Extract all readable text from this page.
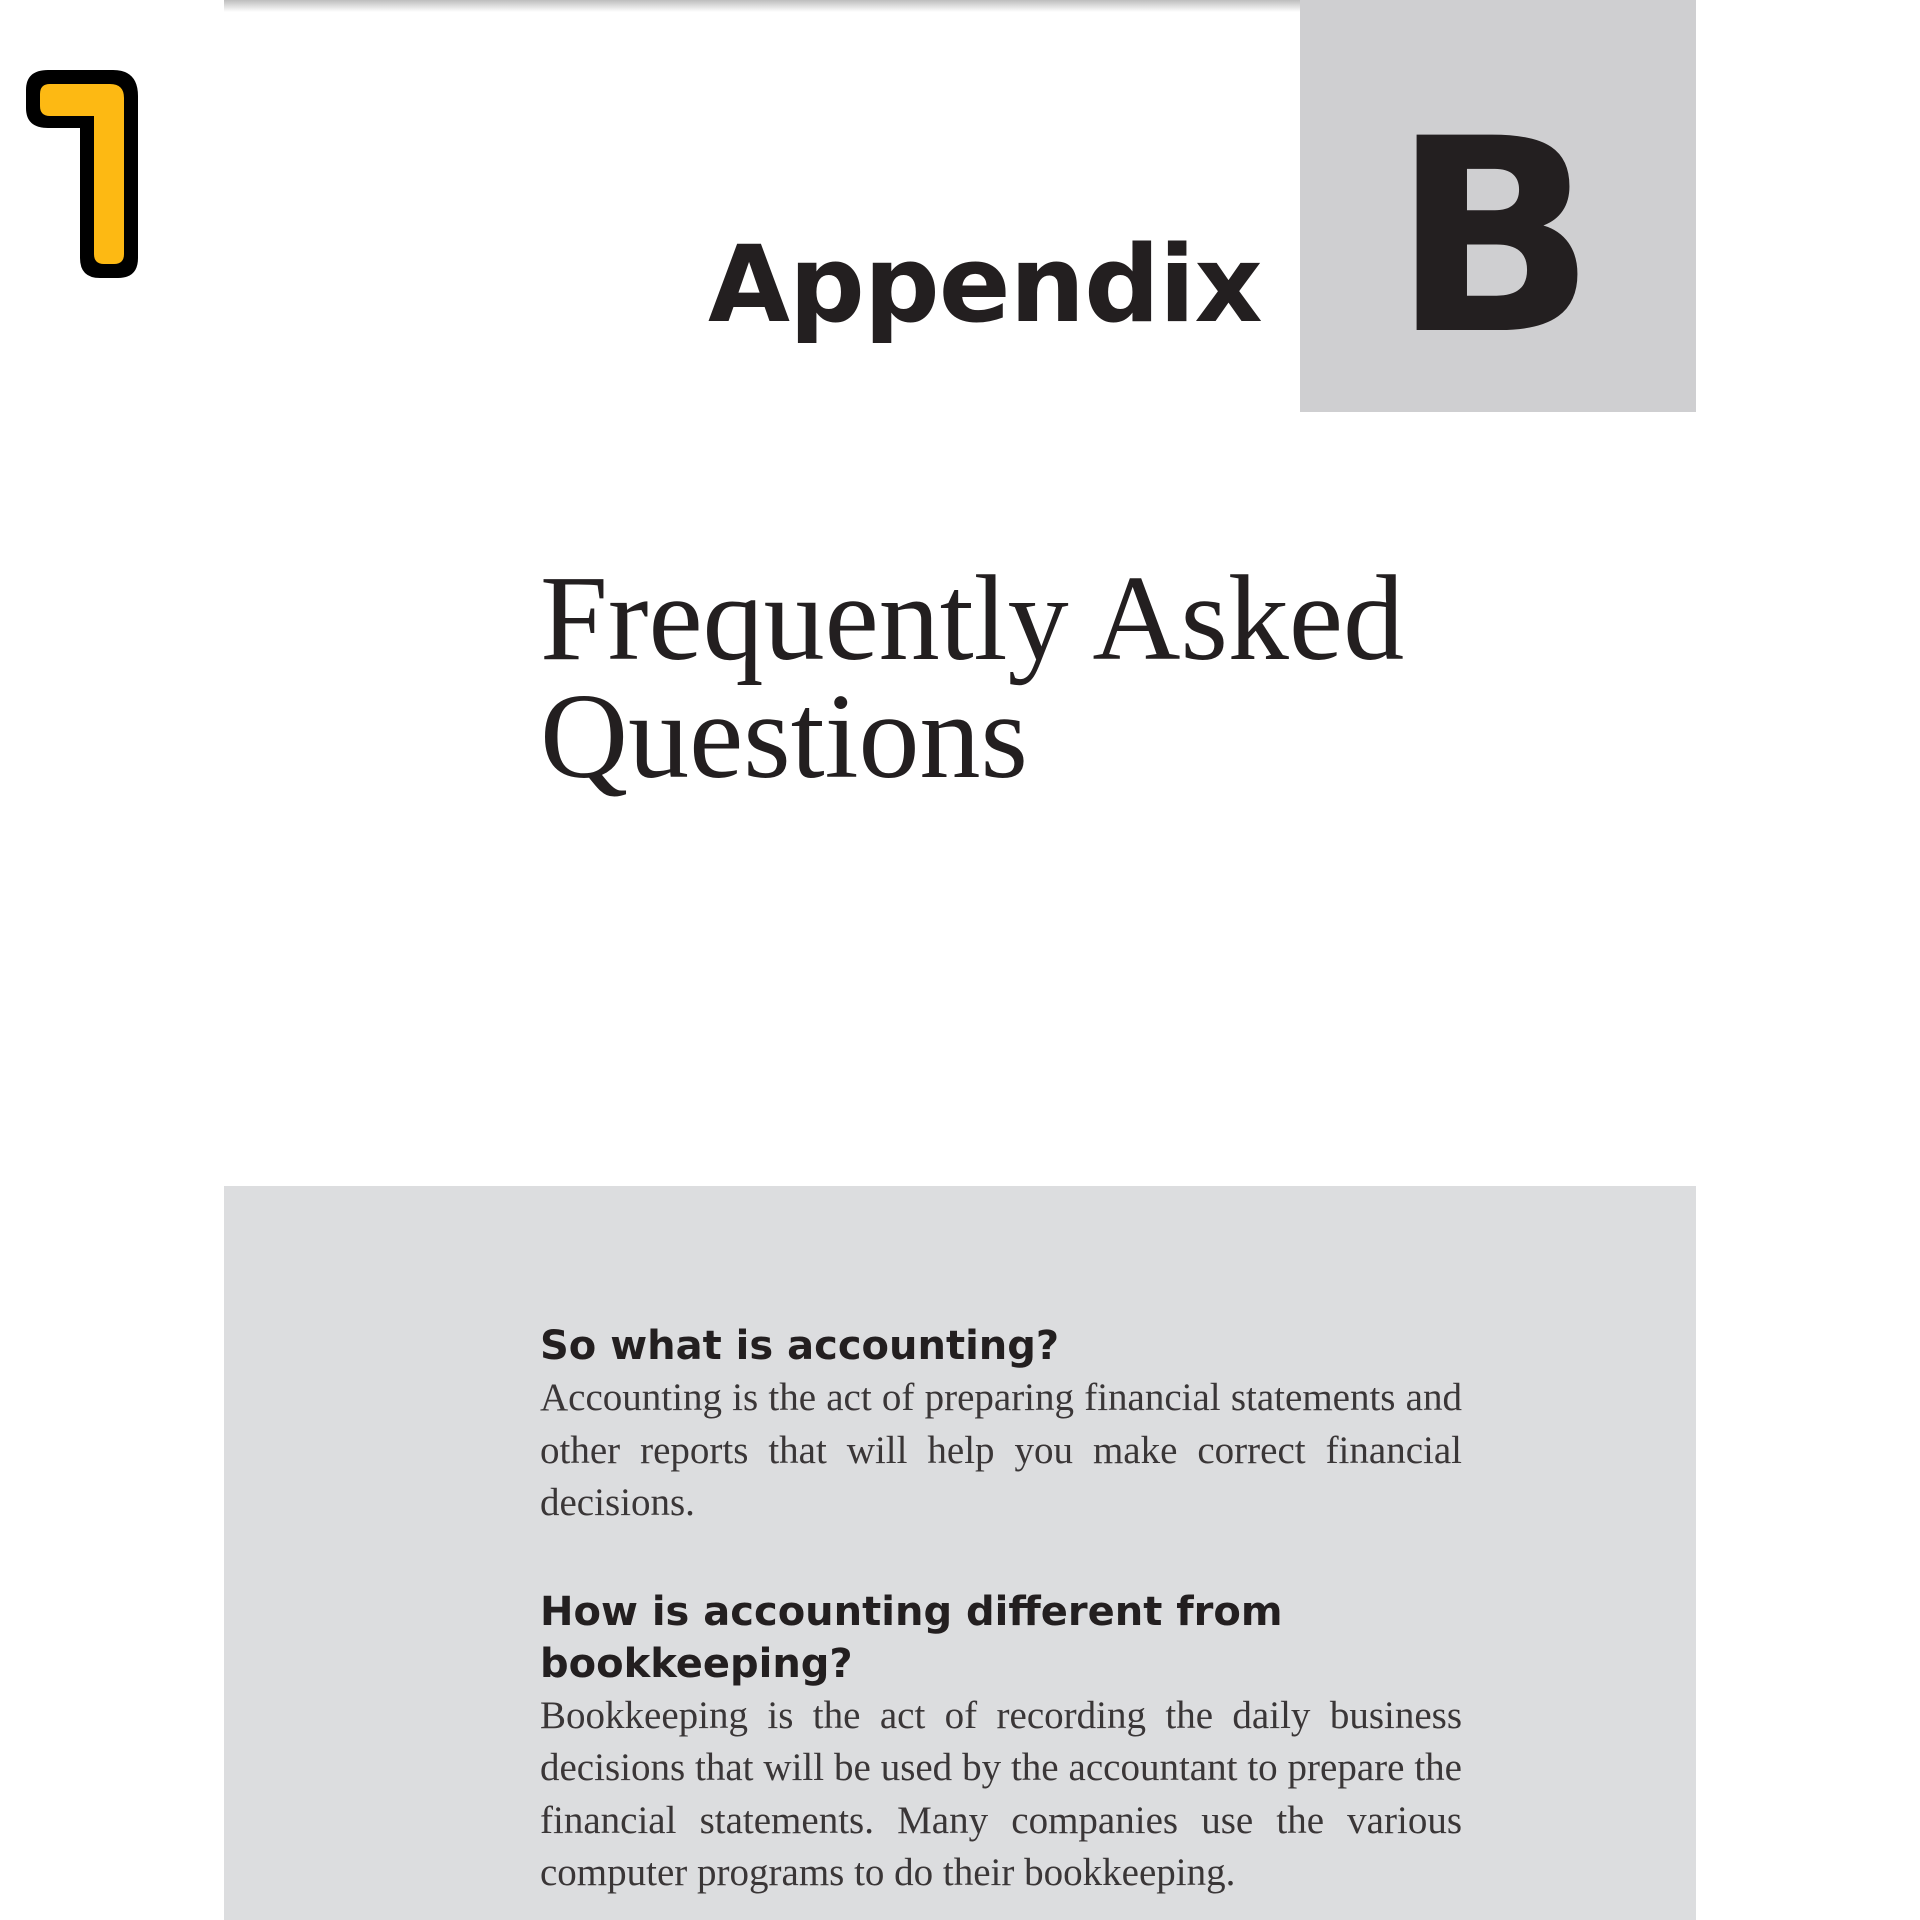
Appendix B
Frequently Asked
Questions
So what is accounting?

Accounting is the act of preparing financial statements and other reports that will help you make correct financial decisions.

How is accounting different from bookkeeping?

Bookkeeping is the act of recording the daily business decisions that will be used by the accountant to prepare the financial statements. Many companies use the various computer programs to do their bookkeeping.
